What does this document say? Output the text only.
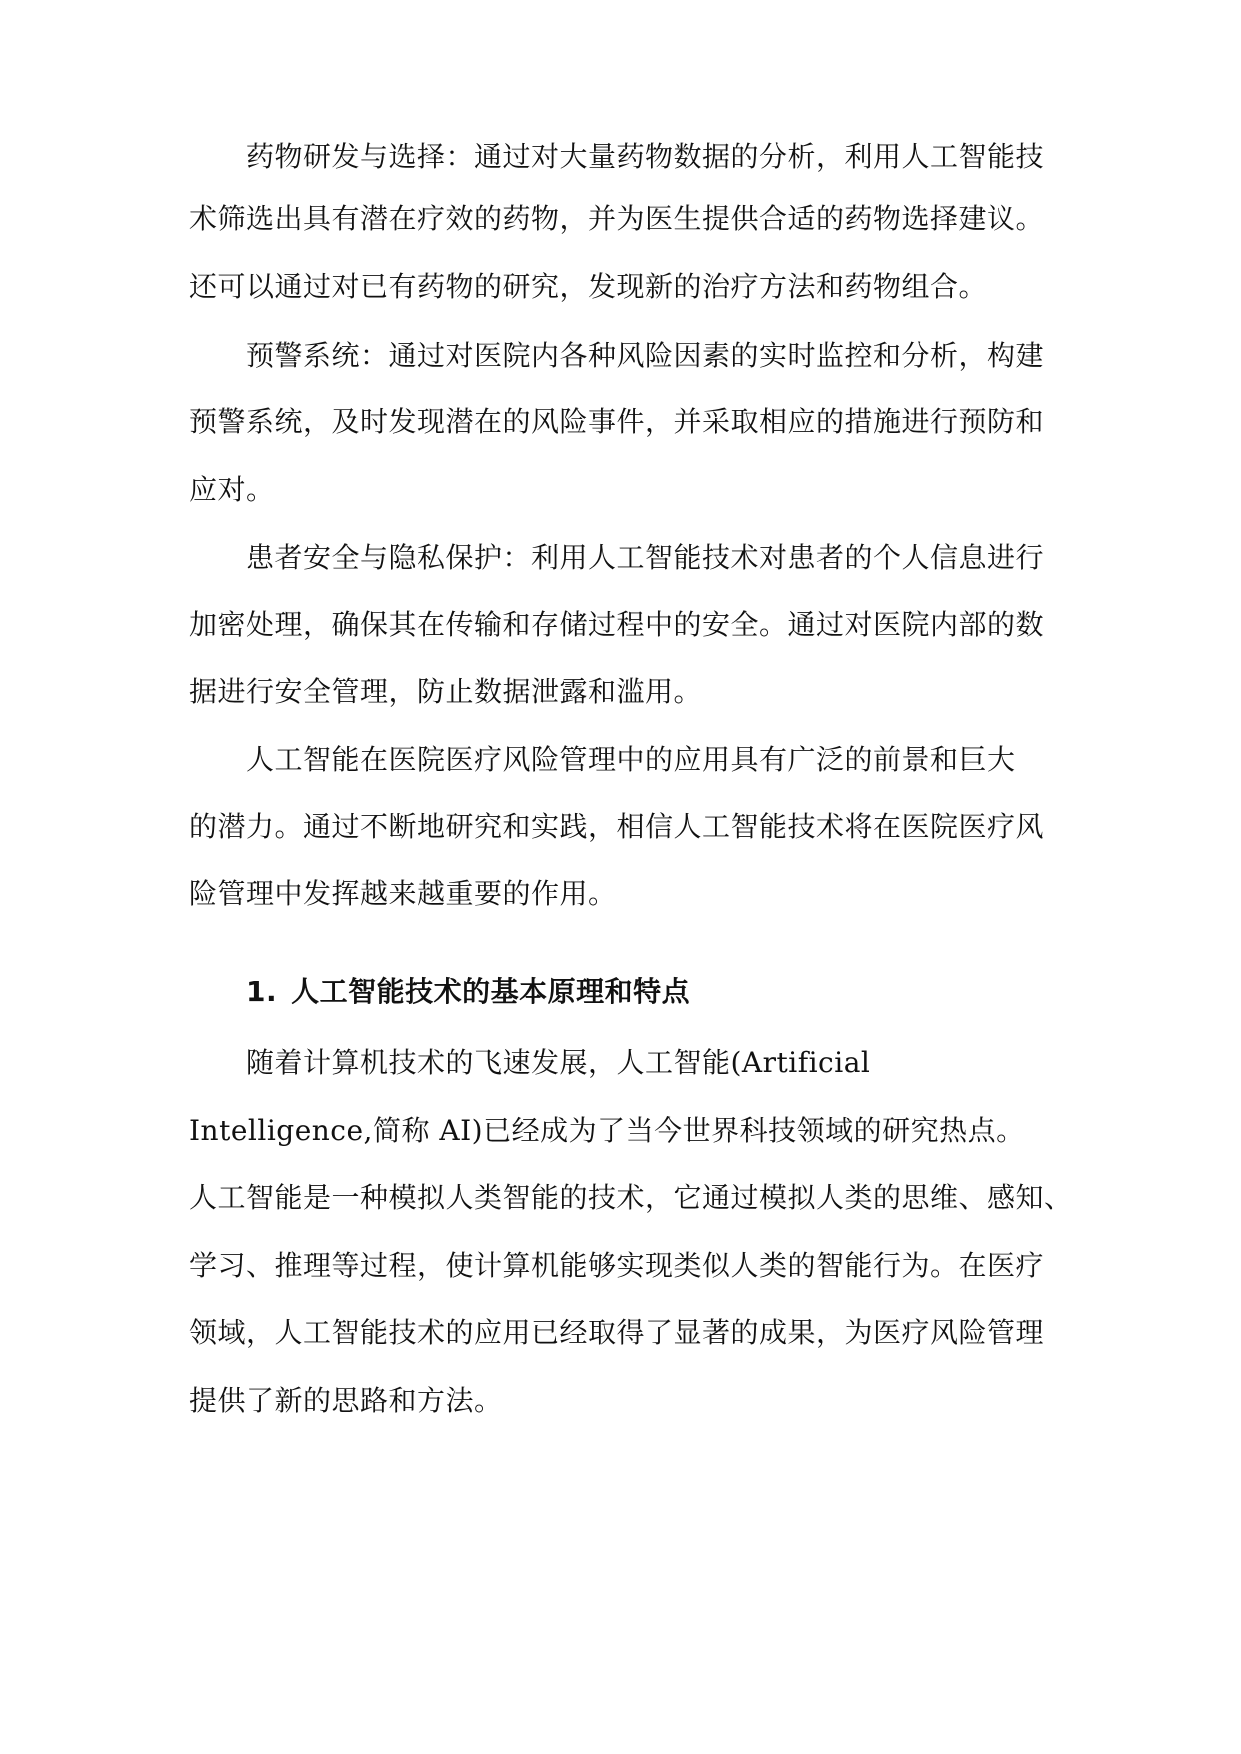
药物研发与选择：通过对大量药物数据的分析，利用人工智能技
术筛选出具有潜在疗效的药物，并为医生提供合适的药物选择建议。
还可以通过对已有药物的研究，发现新的治疗方法和药物组合。
预警系统：通过对医院内各种风险因素的实时监控和分析，构建
预警系统，及时发现潜在的风险事件，并采取相应的措施进行预防和
应对。
患者安全与隐私保护：利用人工智能技术对患者的个人信息进行
加密处理，确保其在传输和存储过程中的安全。通过对医院内部的数
据进行安全管理，防止数据泄露和滥用。
人工智能在医院医疗风险管理中的应用具有广泛的前景和巨大
的潜力。通过不断地研究和实践，相信人工智能技术将在医院医疗风
险管理中发挥越来越重要的作用。
1. 人工智能技术的基本原理和特点
随着计算机技术的飞速发展，人工智能(Artificial
Intelligence,简称 AI)已经成为了当今世界科技领域的研究热点。
人工智能是一种模拟人类智能的技术，它通过模拟人类的思维、感知、
学习、推理等过程，使计算机能够实现类似人类的智能行为。在医疗
领域，人工智能技术的应用已经取得了显著的成果，为医疗风险管理
提供了新的思路和方法。
